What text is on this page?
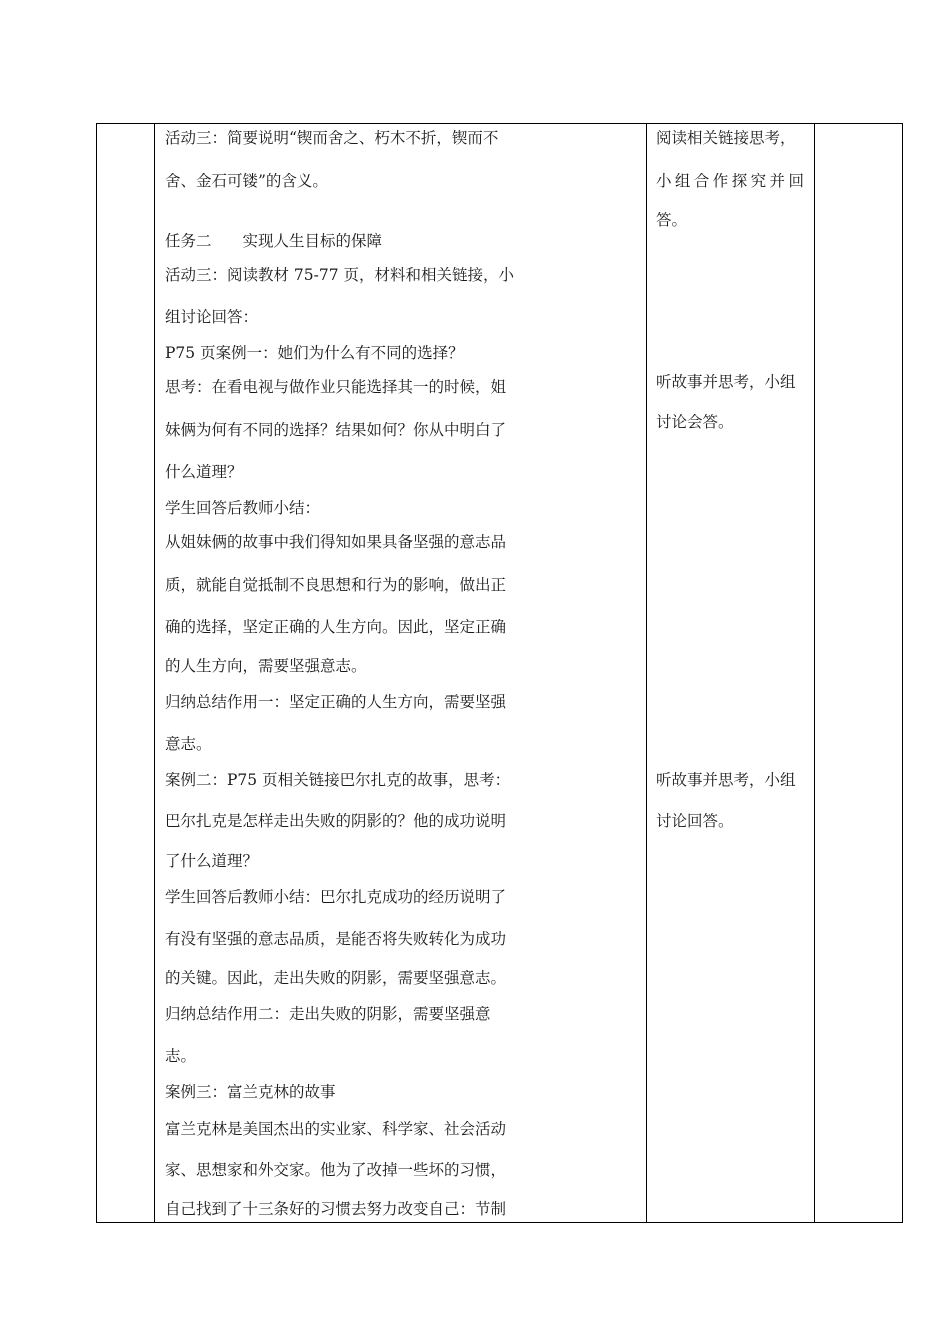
活动三：简要说明“锲而舍之、朽木不折，锲而不
舍、金石可镂”的含义。
任务二　　实现人生目标的保障
活动三：阅读教材 75-77 页，材料和相关链接，小
组讨论回答：
P75 页案例一：她们为什么有不同的选择？
思考：在看电视与做作业只能选择其一的时候，姐
妹俩为何有不同的选择？结果如何？你从中明白了
什么道理？
学生回答后教师小结：
从姐妹俩的故事中我们得知如果具备坚强的意志品
质，就能自觉抵制不良思想和行为的影响，做出正
确的选择，坚定正确的人生方向。因此，坚定正确
的人生方向，需要坚强意志。
归纳总结作用一：坚定正确的人生方向，需要坚强
意志。
案例二：P75 页相关链接巴尔扎克的故事，思考：
巴尔扎克是怎样走出失败的阴影的？他的成功说明
了什么道理？
学生回答后教师小结：巴尔扎克成功的经历说明了
有没有坚强的意志品质，是能否将失败转化为成功
的关键。因此，走出失败的阴影，需要坚强意志。
归纳总结作用二：走出失败的阴影，需要坚强意
志。
案例三：富兰克林的故事
富兰克林是美国杰出的实业家、科学家、社会活动
家、思想家和外交家。他为了改掉一些坏的习惯，
自己找到了十三条好的习惯去努力改变自己：节制
阅读相关链接思考，
小 组 合 作 探 究 并 回
答。
听故事并思考，小组
讨论会答。
听故事并思考，小组
讨论回答。
